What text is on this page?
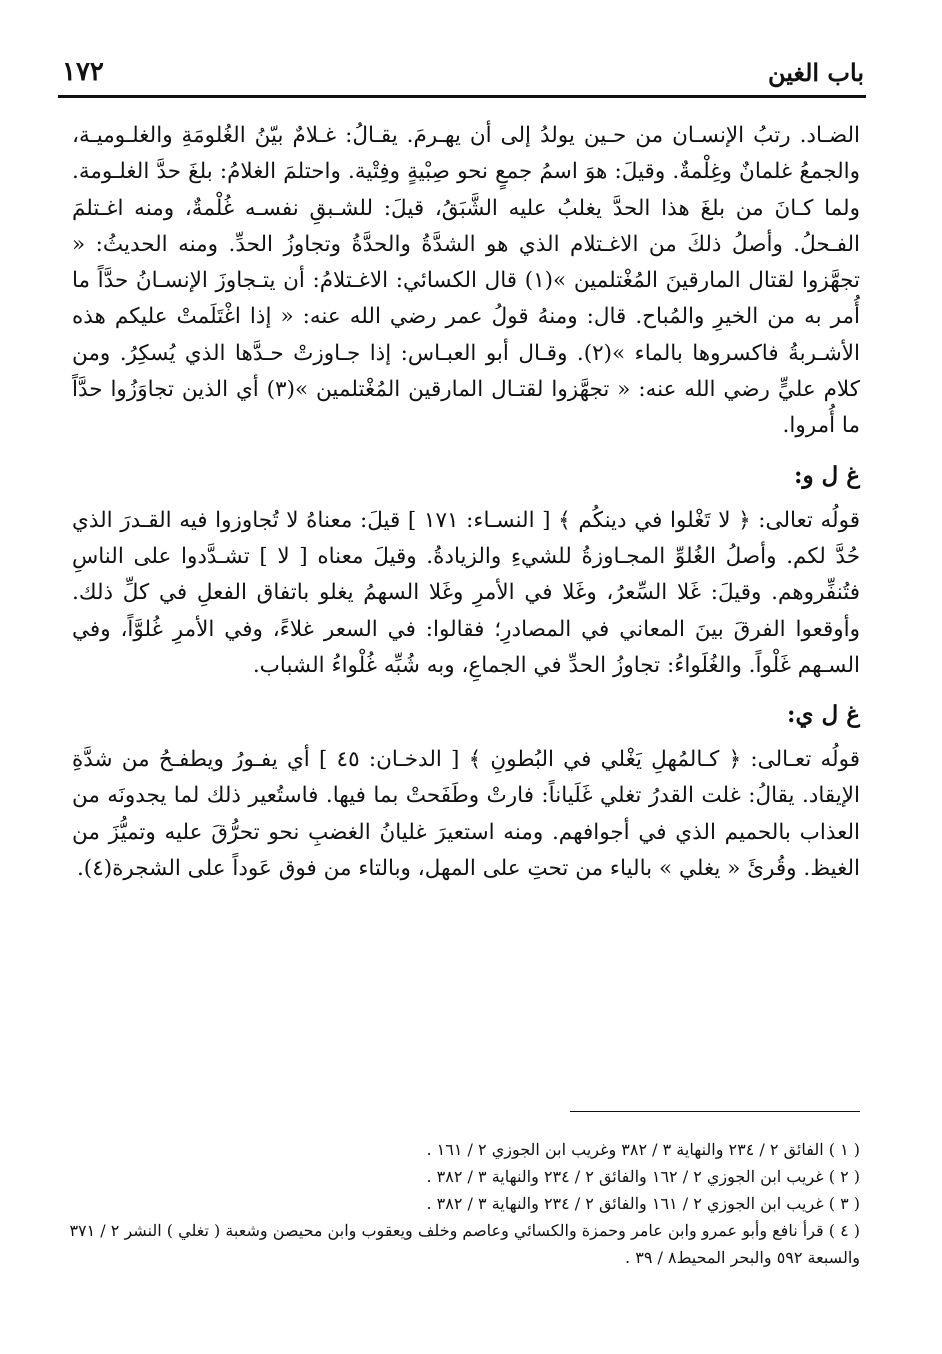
١٧٢	باب الغين

الضـاد. رتبُ الإنسـان من حـين يولدُ إلى أن يهـرمَ. يقـالُ: غـلامٌ بيّنُ الغُلومَةِ والغلـوميـة، والجمعُ غلمانٌ وغِلْمةٌ. وقيلَ: هوَ اسمُ جمعٍ نحو صِبْيةٍ وفِتْية. واحتلمَ الغلامُ: بلغَ حدَّ الغلـومة. ولما كـانَ من بلغَ هذا الحدَّ يغلبُ عليه الشَّبَقُ، قيلَ: للشـبقِ نفسـه غُلْمةٌ، ومنه اغـتلمَ الفـحلُ. وأصلُ ذلكَ من الاغـتلام الذي هو الشدَّةُ والحدَّةُ وتجاوزُ الحدِّ. ومنه الحديثُ: « تجهَّزوا لقتال المارقينَ المُغْتلمين »(١) قال الكسائي: الاغـتلامُ: أن يتـجاوزَ الإنسـانُ حدَّاً ما أُمر به من الخيرِ والمُباح. قال: ومنهُ قولُ عمر رضي الله عنه: « إذا اغْتَلَمتْ عليكم هذه الأشـربةُ فاكسروها بالماء »(٢). وقـال أبو العبـاس: إذا جـاوزتْ حـدَّها الذي يُسكِرُ. ومن كلام عليٍّ رضي الله عنه: « تجهَّزوا لقتـال المارقين المُغْتلمين »(٣) أي الذين تجاوَزُوا حدَّاً ما أُمروا.

غ ل و:

قولُه تعالى: ﴿ لا تَغْلوا في دينكُم ﴾ [ النسـاء: ١٧١ ] قيلَ: معناهُ لا تُجاوزوا فيه القـدرَ الذي حُدَّ لكم. وأصلُ الغُلوِّ المجـاوزةُ للشيءِ والزيادةُ. وقيلَ معناه [ لا ] تشـدَّدوا على الناسِ فتُنفِّروهم. وقيلَ: غَلا السِّعرُ، وغَلا في الأمرِ وغَلا السهمُ يغلو باتفاق الفعلِ في كلِّ ذلك. وأوقعوا الفرقَ بينَ المعاني في المصادرِ؛ فقالوا: في السعر غلاءً، وفي الأمرِ غُلوَّاً، وفي السـهم غَلْواً. والغُلَواءُ: تجاوزُ الحدِّ في الجماعِ، وبه شُبِّه غُلْواءُ الشباب.

غ ل ي:

قولُه تعـالى: ﴿ كـالمُهلِ يَغْلي في البُطونِ ﴾ [ الدخـان: ٤٥ ] أي يفـورُ ويطفـحُ من شدَّةِ الإيقاد. يقالُ: غلت القدرُ تغلي غَلَياناً: فارتْ وطَفَحتْ بما فيها. فاستُعير ذلك لما يجدونَه من العذاب بالحميم الذي في أجوافهم. ومنه استعيرَ غليانُ الغضبِ نحو تحرُّقَ عليه وتميُّزَ من الغيظ. وقُرئَ « يغلي » بالياء من تحتِ على المهل، وبالتاء من فوق عَوداً على الشجرة(٤).

( ١ ) الفائق ٢ / ٢٣٤ والنهاية ٣ / ٣٨٢ وغريب ابن الجوزي ٢ / ١٦١ .

( ٢ ) غريب ابن الجوزي ٢ / ١٦٢ والفائق ٢ / ٢٣٤ والنهاية ٣ / ٣٨٢ .

( ٣ ) غريب ابن الجوزي ٢ / ١٦١ والفائق ٢ / ٢٣٤ والنهاية ٣ / ٣٨٢ .

( ٤ ) قرأ نافع وأبو عمرو وابن عامر وحمزة والكسائي وعاصم وخلف ويعقوب وابن محيصن وشعبة ( تغلي ) النشر ٢ / ٣٧١ والسبعة ٥٩٢ والبحر المحيط٨ / ٣٩ .
